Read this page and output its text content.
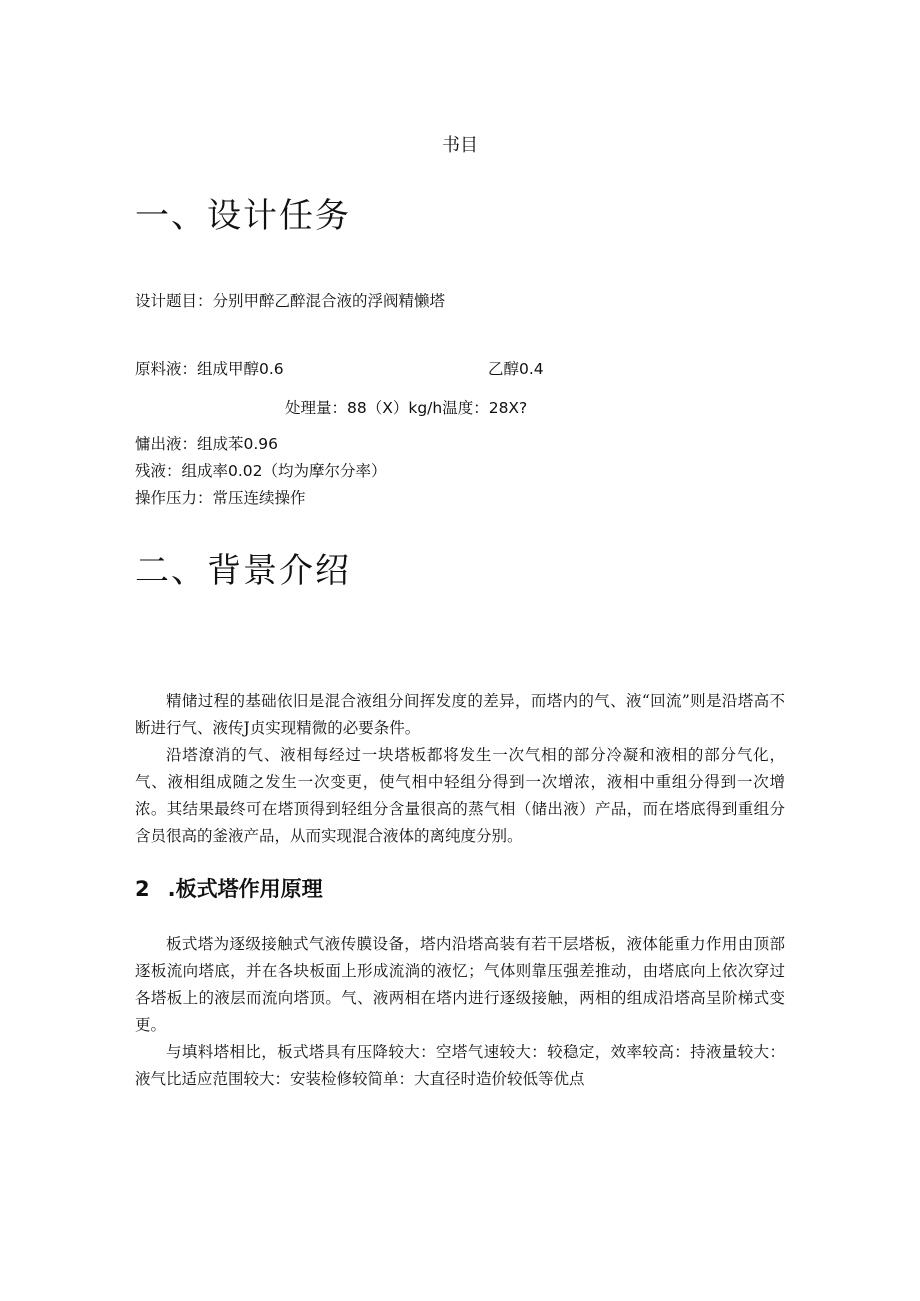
书目
一、设计任务
设计题目：分别甲醉乙醉混合液的浮阀精懒塔
原料液：组成甲醇0.6	乙醇0.4
处理量：88（X）kg/h温度：28X?
慵出液：组成苯0.96
残液：组成率0.02（均为摩尔分率）
操作压力：常压连续操作
二、背景介绍

精储过程的基础依旧是混合液组分间挥发度的差异，而塔内的气、液“回流”则是沿塔高不断进行气、液传J贞实现精微的必要条件。

沿塔潦消的气、液相每经过一块塔板都将发生一次气相的部分冷凝和液相的部分气化，气、液相组成随之发生一次变更，使气相中轻组分得到一次增浓，液相中重组分得到一次增浓。其结果最终可在塔顶得到轻组分含量很高的蒸气相（储出液）产品，而在塔底得到重组分含员很高的釜液产品，从而实现混合液体的离纯度分别。

2 .板式塔作用原理

板式塔为逐级接触式气液传膜设备，塔内沿塔高装有若干层塔板，液体能重力作用由顶部逐板流向塔底，并在各块板面上形成流淌的液忆；气体则靠压强差推动，由塔底向上依次穿过各塔板上的液层而流向塔顶。气、液两相在塔内进行逐级接触，两相的组成沿塔高呈阶梯式变更。

与填料塔相比，板式塔具有压降较大：空塔气速较大：较稳定，效率较高：持液量较大：液气比适应范围较大：安装检修较简单：大直径时造价较低等优点
